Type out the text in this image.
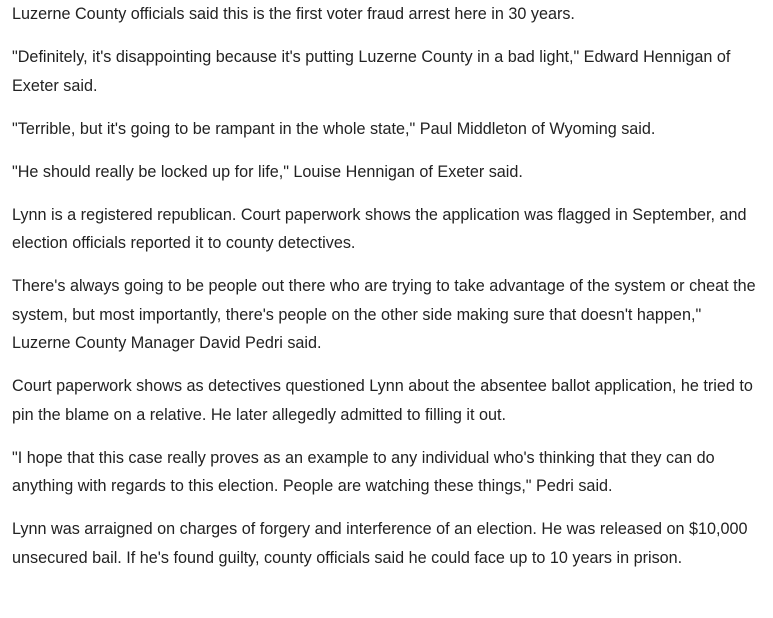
Luzerne County officials said this is the first voter fraud arrest here in 30 years.

"Definitely, it's disappointing because it's putting Luzerne County in a bad light," Edward Hennigan of Exeter said.

"Terrible, but it's going to be rampant in the whole state," Paul Middleton of Wyoming said.

"He should really be locked up for life," Louise Hennigan of Exeter said.

Lynn is a registered republican. Court paperwork shows the application was flagged in September, and election officials reported it to county detectives.

There's always going to be people out there who are trying to take advantage of the system or cheat the system, but most importantly, there's people on the other side making sure that doesn't happen," Luzerne County Manager David Pedri said.

Court paperwork shows as detectives questioned Lynn about the absentee ballot application, he tried to pin the blame on a relative. He later allegedly admitted to filling it out.

"I hope that this case really proves as an example to any individual who's thinking that they can do anything with regards to this election. People are watching these things," Pedri said.

Lynn was arraigned on charges of forgery and interference of an election. He was released on $10,000 unsecured bail. If he's found guilty, county officials said he could face up to 10 years in prison.
